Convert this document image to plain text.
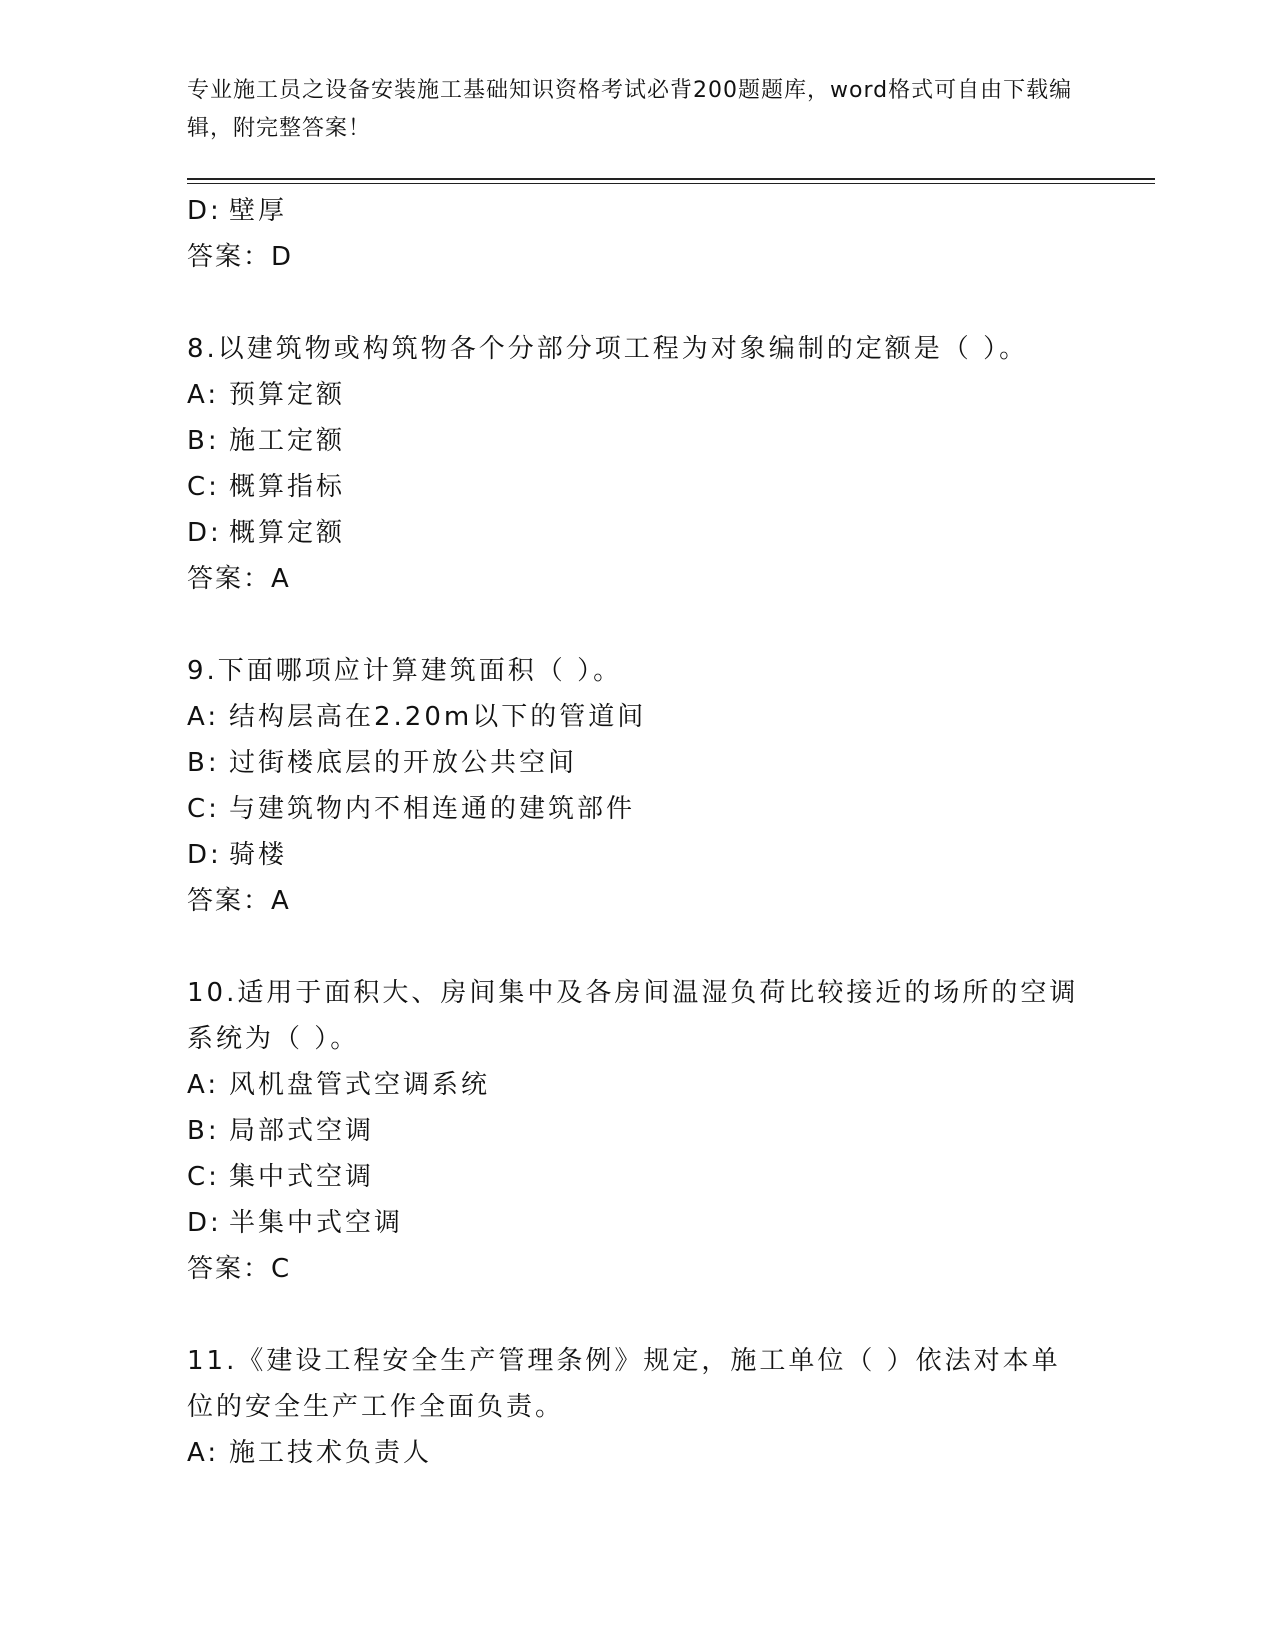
专业施工员之设备安装施工基础知识资格考试必背200题题库，word格式可自由下载编辑，附完整答案！
D: 壁厚
答案：D
8.以建筑物或构筑物各个分部分项工程为对象编制的定额是（ ）。
A: 预算定额
B: 施工定额
C: 概算指标
D: 概算定额
答案：A
9.下面哪项应计算建筑面积（ ）。
A: 结构层高在2.20m以下的管道间
B: 过街楼底层的开放公共空间
C: 与建筑物内不相连通的建筑部件
D: 骑楼
答案：A
10.适用于面积大、房间集中及各房间温湿负荷比较接近的场所的空调
系统为（ ）。
A: 风机盘管式空调系统
B: 局部式空调
C: 集中式空调
D: 半集中式空调
答案：C
11.《建设工程安全生产管理条例》规定，施工单位（ ）依法对本单
位的安全生产工作全面负责。
A: 施工技术负责人
